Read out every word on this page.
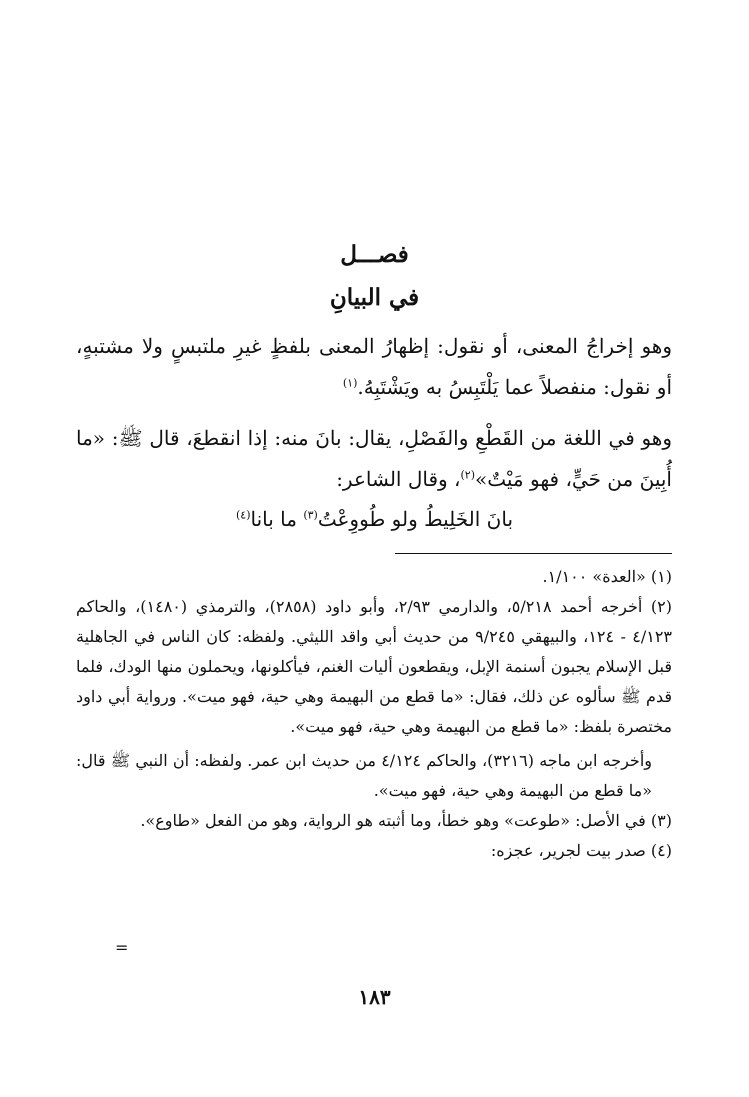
فصـــل
في البيانِ

وهو إخراجُ المعنى، أو نقول: إظهارُ المعنى بلفظٍ غيرِ ملتبسٍ ولا مشتبهٍ، أو نقول: منفصلاً عما يَلْتَبِسُ به ويَشْتَبِهُ.$^{(١)}$

وهو في اللغة من القَطْعِ والفَصْلِ، يقال: بانَ منه: إذا انقطعَ، قال ﷺ: «ما أُبِينَ من حَيٍّ، فهو مَيْتٌ»$^{(٢)}$، وقال الشاعر:

بانَ الخَلِيطُ ولو طُووِعْتُ$^{(٣)}$ ما بانا$^{(٤)}$

(١) «العدة» ١/١٠٠.

(٢) أخرجه أحمد ٥/٢١٨، والدارمي ٢/٩٣، وأبو داود (٢٨٥٨)، والترمذي (١٤٨٠)، والحاكم ٤/١٢٣ - ١٢٤، والبيهقي ٩/٢٤٥ من حديث أبي واقد الليثي. ولفظه: كان الناس في الجاهلية قبل الإسلام يجبون أسنمة الإبل، ويقطعون أليات الغنم، فيأكلونها، ويحملون منها الودك، فلما قدم ﷺ سألوه عن ذلك، فقال: «ما قطع من البهيمة وهي حية، فهو ميت». ورواية أبي داود مختصرة بلفظ: «ما قطع من البهيمة وهي حية، فهو ميت».

وأخرجه ابن ماجه (٣٢١٦)، والحاكم ٤/١٢٤ من حديث ابن عمر. ولفظه: أن النبي ﷺ قال: «ما قطع من البهيمة وهي حية، فهو ميت».

(٣) في الأصل: «طوعت» وهو خطأ، وما أثبته هو الرواية، وهو من الفعل «طاوع».

(٤) صدر بيت لجرير، عجزه:

=
١٨٣
